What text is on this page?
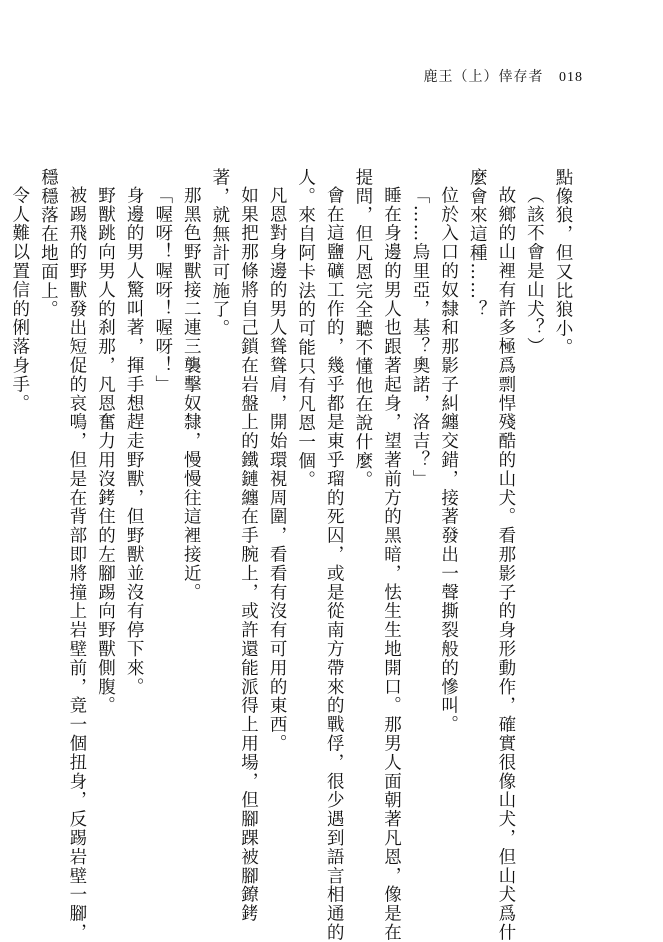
鹿王（上）倖存者 018

點像狼，但又比狼小。

（該不會是山犬？）

故鄉的山裡有許多極爲剽悍殘酷的山犬。看那影子的身形動作，確實很像山犬，但山犬爲什

麼會來這種……？

位於入口的奴隸和那影子糾纏交錯，接著發出一聲撕裂般的慘叫。

「……烏里亞，基？奧諾，洛吉？」

睡在身邊的男人也跟著起身，望著前方的黑暗，怯生生地開口。那男人面朝著凡恩，像是在

提問，但凡恩完全聽不懂他在說什麼。

會在這鹽礦工作的，幾乎都是東乎瑠的死囚，或是從南方帶來的戰俘，很少遇到語言相通的

人。來自阿卡法的可能只有凡恩一個。

凡恩對身邊的男人聳聳肩，開始環視周圍，看看有沒有可用的東西。

如果把那條將自己鎖在岩盤上的鐵鏈纏在手腕上，或許還能派得上用場，但腳踝被腳鐐銬

著，就無計可施了。

那黑色野獸接二連三襲擊奴隸，慢慢往這裡接近。

「喔呀！喔呀！喔呀！」

身邊的男人驚叫著，揮手想趕走野獸，但野獸並沒有停下來。

野獸跳向男人的刹那，凡恩奮力用沒銬住的左腳踢向野獸側腹。

被踢飛的野獸發出短促的哀鳴，但是在背部即將撞上岩壁前，竟一個扭身，反踢岩壁一腳，

穩穩落在地面上。

令人難以置信的俐落身手。
